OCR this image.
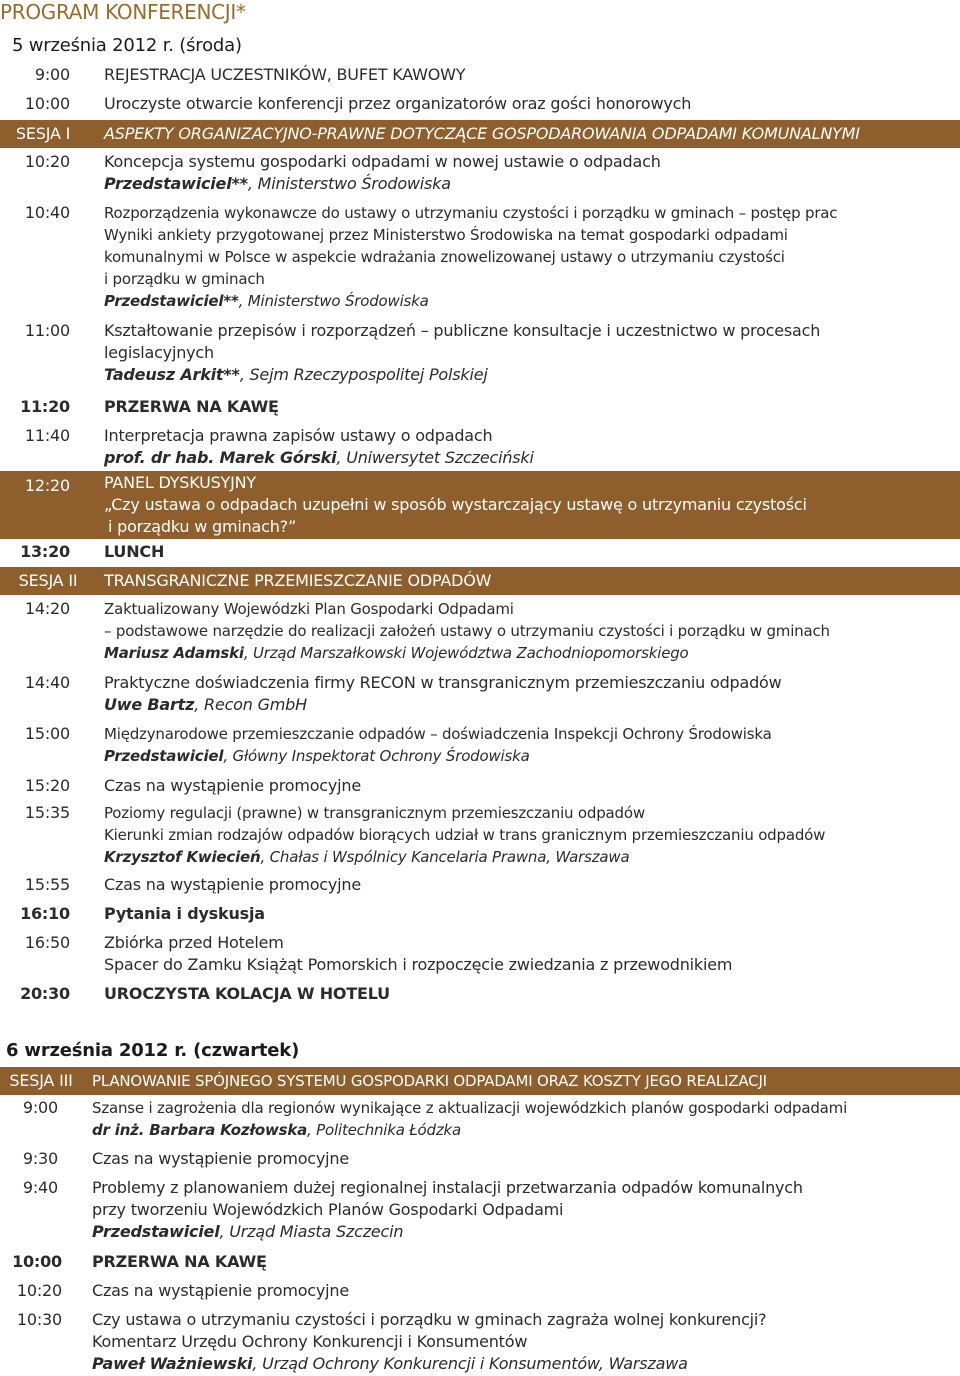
PROGRAM KONFERENCJI*
5 września 2012 r. (środa)
9:00 REJESTRACJA UCZESTNIKÓW, BUFET KAWOWY
10:00 Uroczyste otwarcie konferencji przez organizatorów oraz gości honorowych
SESJA I	ASPEKTY ORGANIZACYJNO-PRAWNE DOTYCZĄCE GOSPODAROWANIA ODPADAMI KOMUNALNYMI
10:20 Koncepcja systemu gospodarki odpadami w nowej ustawie o odpadach
Przedstawiciel**, Ministerstwo Środowiska
10:40 Rozporządzenia wykonawcze do ustawy o utrzymaniu czystości i porządku w gminach – postęp prac
Wyniki ankiety przygotowanej przez Ministerstwo Środowiska na temat gospodarki odpadami
komunalnymi w Polsce w aspekcie wdrażania znowelizowanej ustawy o utrzymaniu czystości
i porządku w gminach
Przedstawiciel**, Ministerstwo Środowiska
11:00 Kształtowanie przepisów i rozporządzeń – publiczne konsultacje i uczestnictwo w procesach
legislacyjnych
Tadeusz Arkit**, Sejm Rzeczypospolitej Polskiej
11:20 PRZERWA NA KAWĘ
11:40 Interpretacja prawna zapisów ustawy o odpadach
prof. dr hab. Marek Górski, Uniwersytet Szczeciński
12:20 PANEL DYSKUSYJNY
„Czy ustawa o odpadach uzupełni w sposób wystarczający ustawę o utrzymaniu czystości
i porządku w gminach?”
13:20 LUNCH
SESJA II	TRANSGRANICZNE PRZEMIESZCZANIE ODPADÓW
14:20 Zaktualizowany Wojewódzki Plan Gospodarki Odpadami
– podstawowe narzędzie do realizacji założeń ustawy o utrzymaniu czystości i porządku w gminach
Mariusz Adamski, Urząd Marszałkowski Województwa Zachodniopomorskiego
14:40 Praktyczne doświadczenia firmy RECON w transgranicznym przemieszczaniu odpadów
Uwe Bartz, Recon GmbH
15:00 Międzynarodowe przemieszczanie odpadów – doświadczenia Inspekcji Ochrony Środowiska
Przedstawiciel, Główny Inspektorat Ochrony Środowiska
15:20 Czas na wystąpienie promocyjne
15:35 Poziomy regulacji (prawne) w transgranicznym przemieszczaniu odpadów
Kierunki zmian rodzajów odpadów biorących udział w trans granicznym przemieszczaniu odpadów
Krzysztof Kwiecień, Chałas i Wspólnicy Kancelaria Prawna, Warszawa
15:55 Czas na wystąpienie promocyjne
16:10 Pytania i dyskusja
16:50 Zbiórka przed Hotelem
Spacer do Zamku Książąt Pomorskich i rozpoczęcie zwiedzania z przewodnikiem
20:30 UROCZYSTA KOLACJA W HOTELU
6 września 2012 r. (czwartek)
SESJA III	PLANOWANIE SPÓJNEGO SYSTEMU GOSPODARKI ODPADAMI ORAZ KOSZTY JEGO REALIZACJI
9:00 Szanse i zagrożenia dla regionów wynikające z aktualizacji wojewódzkich planów gospodarki odpadami
dr inż. Barbara Kozłowska, Politechnika Łódzka
9:30 Czas na wystąpienie promocyjne
9:40 Problemy z planowaniem dużej regionalnej instalacji przetwarzania odpadów komunalnych
przy tworzeniu Wojewódzkich Planów Gospodarki Odpadami
Przedstawiciel, Urząd Miasta Szczecin
10:00 PRZERWA NA KAWĘ
10:20 Czas na wystąpienie promocyjne
10:30 Czy ustawa o utrzymaniu czystości i porządku w gminach zagraża wolnej konkurencji?
Komentarz Urzędu Ochrony Konkurencji i Konsumentów
Paweł Ważniewski, Urząd Ochrony Konkurencji i Konsumentów, Warszawa
